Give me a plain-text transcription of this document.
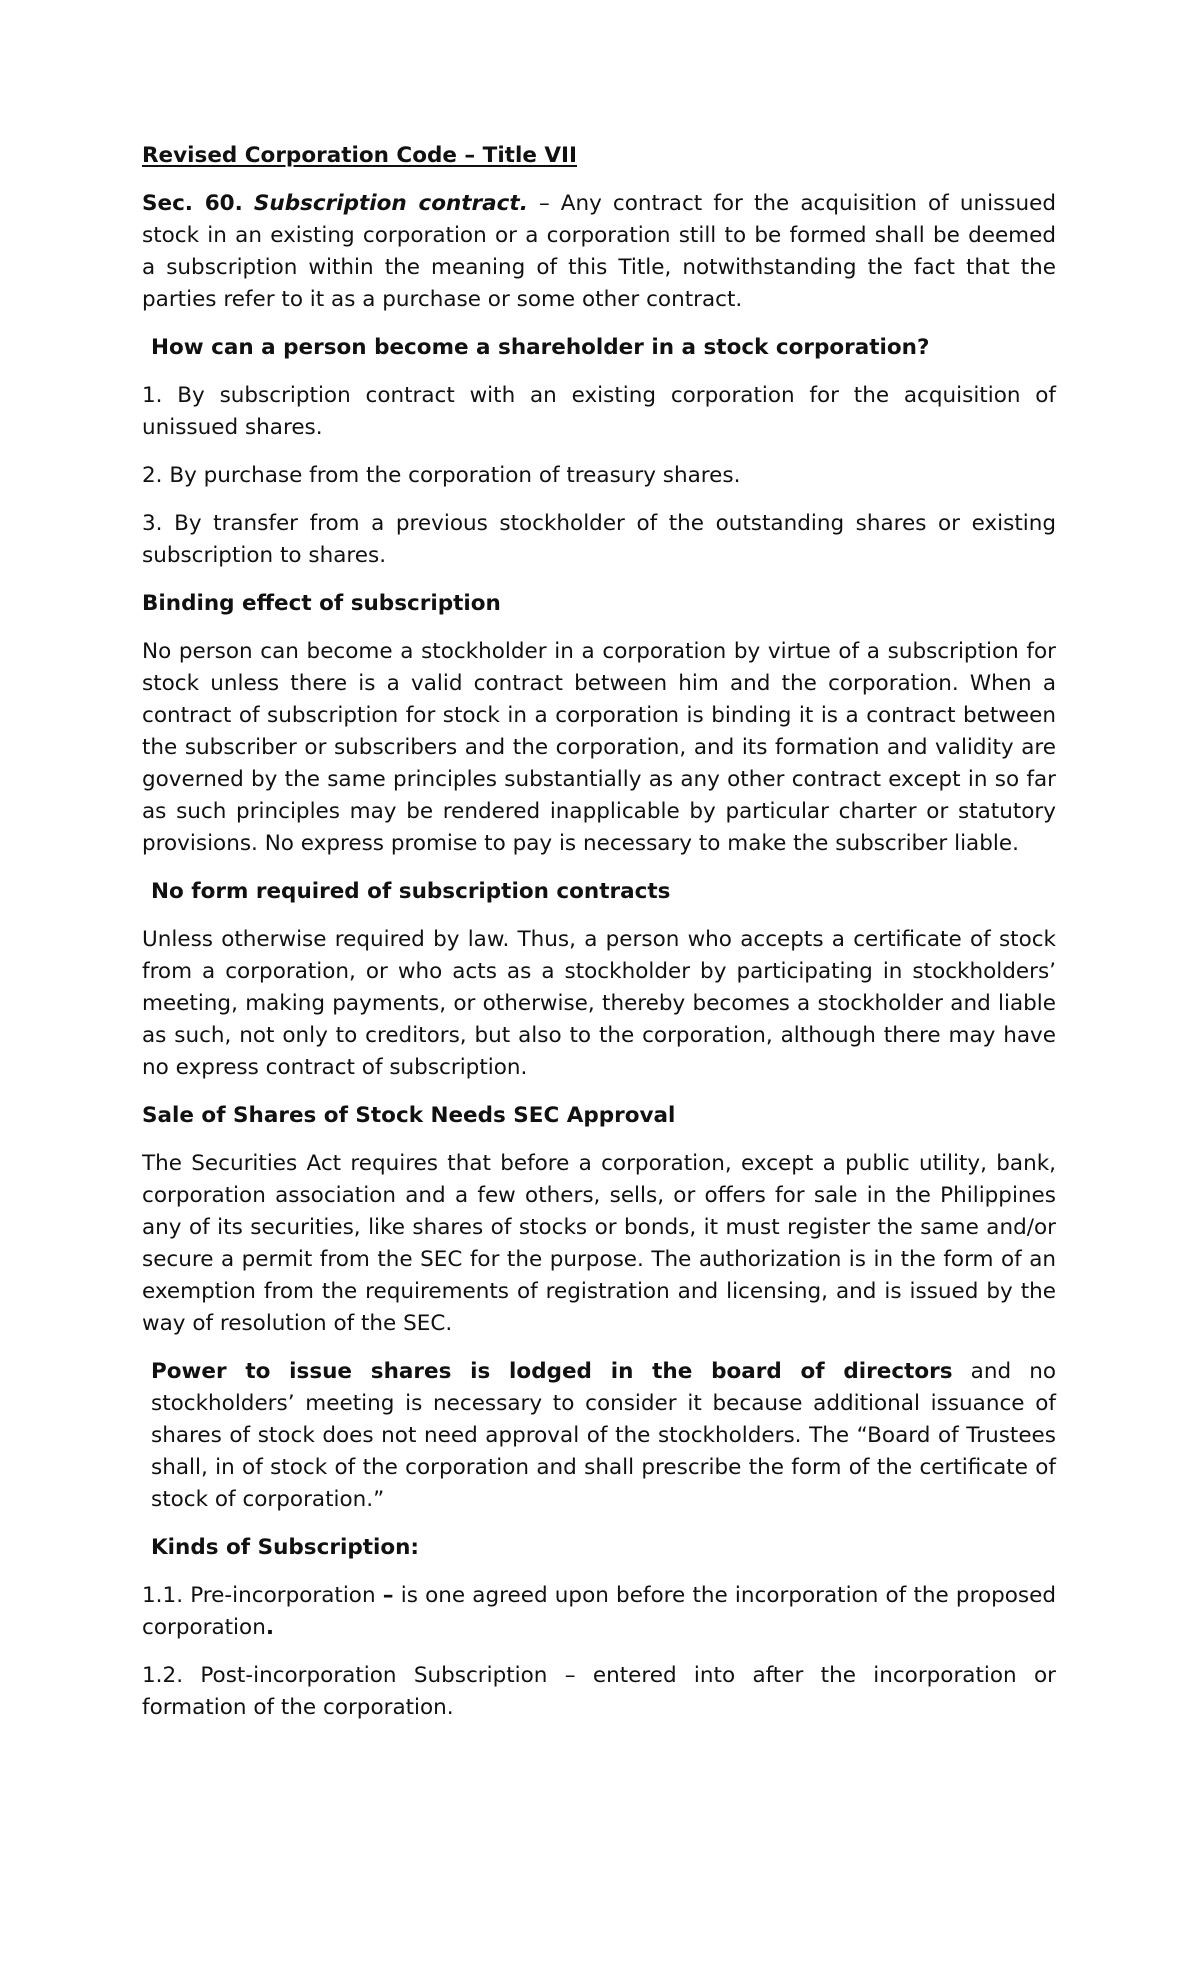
Revised Corporation Code – Title VII

Sec. 60. Subscription contract. – Any contract for the acquisition of unissued stock in an existing corporation or a corporation still to be formed shall be deemed a subscription within the meaning of this Title, notwithstanding the fact that the parties refer to it as a purchase or some other contract.

How can a person become a shareholder in a stock corporation?

1. By subscription contract with an existing corporation for the acquisition of unissued shares.

2. By purchase from the corporation of treasury shares.

3. By transfer from a previous stockholder of the outstanding shares or existing subscription to shares.

Binding effect of subscription

No person can become a stockholder in a corporation by virtue of a subscription for stock unless there is a valid contract between him and the corporation. When a contract of subscription for stock in a corporation is binding it is a contract between the subscriber or subscribers and the corporation, and its formation and validity are governed by the same principles substantially as any other contract except in so far as such principles may be rendered inapplicable by particular charter or statutory provisions. No express promise to pay is necessary to make the subscriber liable.

No form required of subscription contracts

Unless otherwise required by law. Thus, a person who accepts a certificate of stock from a corporation, or who acts as a stockholder by participating in stockholders’ meeting, making payments, or otherwise, thereby becomes a stockholder and liable as such, not only to creditors, but also to the corporation, although there may have no express contract of subscription.

Sale of Shares of Stock Needs SEC Approval

The Securities Act requires that before a corporation, except a public utility, bank, corporation association and a few others, sells, or offers for sale in the Philippines any of its securities, like shares of stocks or bonds, it must register the same and/or secure a permit from the SEC for the purpose. The authorization is in the form of an exemption from the requirements of registration and licensing, and is issued by the way of resolution of the SEC.

Power to issue shares is lodged in the board of directors and no stockholders’ meeting is necessary to consider it because additional issuance of shares of stock does not need approval of the stockholders. The “Board of Trustees shall, in of stock of the corporation and shall prescribe the form of the certificate of stock of corporation.”

Kinds of Subscription:

1.1. Pre-incorporation – is one agreed upon before the incorporation of the proposed corporation.

1.2. Post-incorporation Subscription – entered into after the incorporation or formation of the corporation.
